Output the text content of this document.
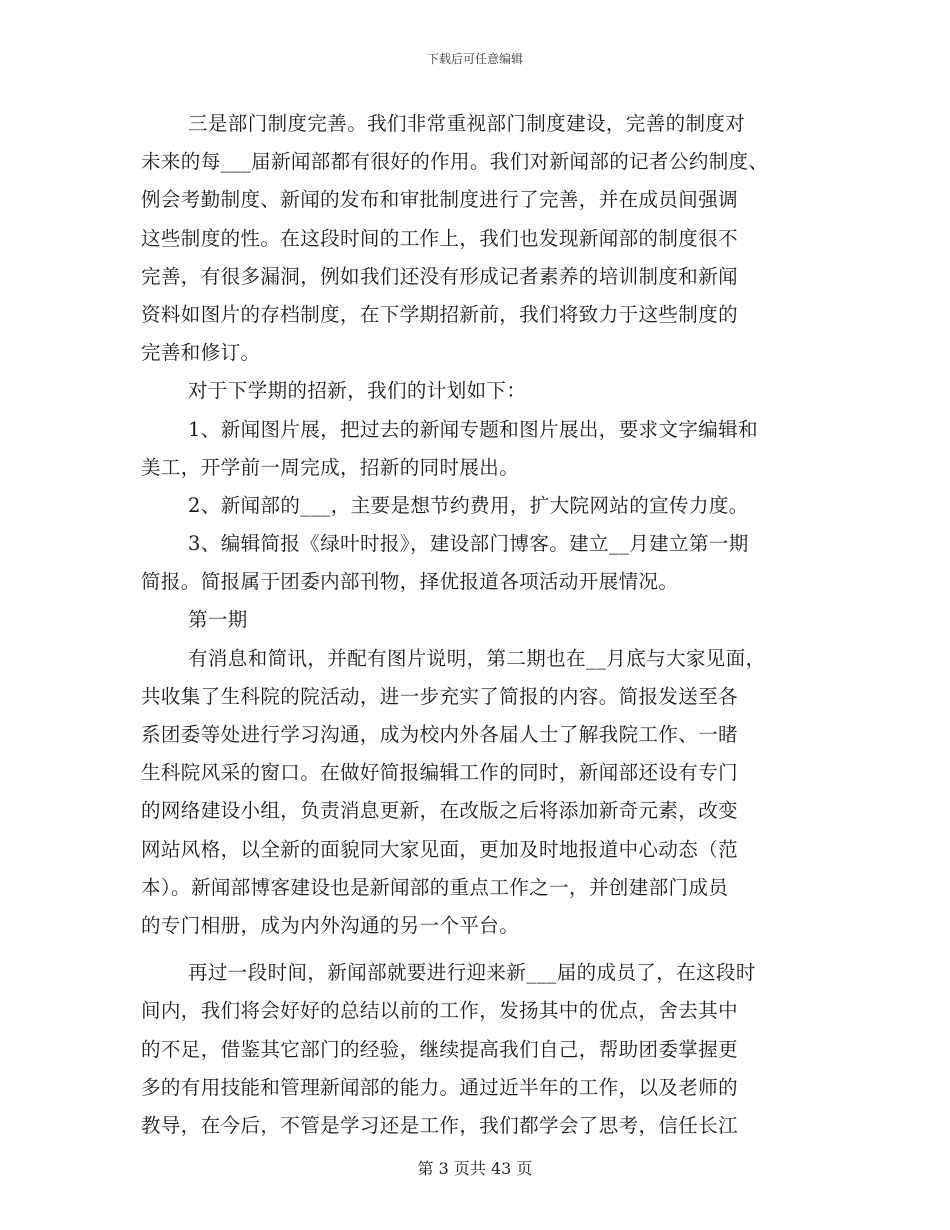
下载后可任意编辑
三是部门制度完善。我们非常重视部门制度建设，完善的制度对
未来的每___届新闻部都有很好的作用。我们对新闻部的记者公约制度、
例会考勤制度、新闻的发布和审批制度进行了完善，并在成员间强调
这些制度的性。在这段时间的工作上，我们也发现新闻部的制度很不
完善，有很多漏洞，例如我们还没有形成记者素养的培训制度和新闻
资料如图片的存档制度，在下学期招新前，我们将致力于这些制度的
完善和修订。
对于下学期的招新，我们的计划如下：
1、新闻图片展，把过去的新闻专题和图片展出，要求文字编辑和
美工，开学前一周完成，招新的同时展出。
2、新闻部的___，主要是想节约费用，扩大院网站的宣传力度。
3、编辑简报《绿叶时报》，建设部门博客。建立__月建立第一期
简报。简报属于团委内部刊物，择优报道各项活动开展情况。
第一期
有消息和简讯，并配有图片说明，第二期也在__月底与大家见面，
共收集了生科院的院活动，进一步充实了简报的内容。简报发送至各
系团委等处进行学习沟通，成为校内外各届人士了解我院工作、一睹
生科院风采的窗口。在做好简报编辑工作的同时，新闻部还设有专门
的网络建设小组，负责消息更新，在改版之后将添加新奇元素，改变
网站风格，以全新的面貌同大家见面，更加及时地报道中心动态（范
本）。新闻部博客建设也是新闻部的重点工作之一，并创建部门成员
的专门相册，成为内外沟通的另一个平台。
再过一段时间，新闻部就要进行迎来新___届的成员了，在这段时
间内，我们将会好好的总结以前的工作，发扬其中的优点，舍去其中
的不足，借鉴其它部门的经验，继续提高我们自己，帮助团委掌握更
多的有用技能和管理新闻部的能力。通过近半年的工作，以及老师的
教导，在今后，不管是学习还是工作，我们都学会了思考，信任长江
第 3 页共 43 页
